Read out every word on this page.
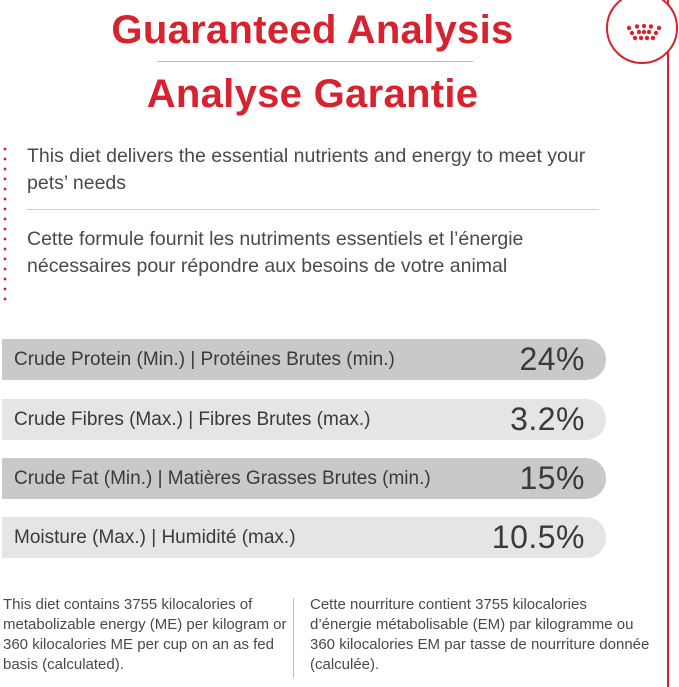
Guaranteed Analysis
Analyse Garantie

This diet delivers the essential nutrients and energy to meet your pets’ needs

Cette formule fournit les nutriments essentiels et l’énergie nécessaires pour répondre aux besoins de votre animal

Crude Protein (Min.) | Protéines Brutes (min.)	24%
Crude Fibres (Max.) | Fibres Brutes (max.)	3.2%
Crude Fat (Min.) | Matières Grasses Brutes (min.)	15%
Moisture (Max.) | Humidité (max.)	10.5%

This diet contains 3755 kilocalories of metabolizable energy (ME) per kilogram or 360 kilocalories ME per cup on an as fed basis (calculated).

Cette nourriture contient 3755 kilocalories d’énergie métabolisable (EM) par kilogramme ou 360 kilocalories EM par tasse de nourriture donnée (calculée).
